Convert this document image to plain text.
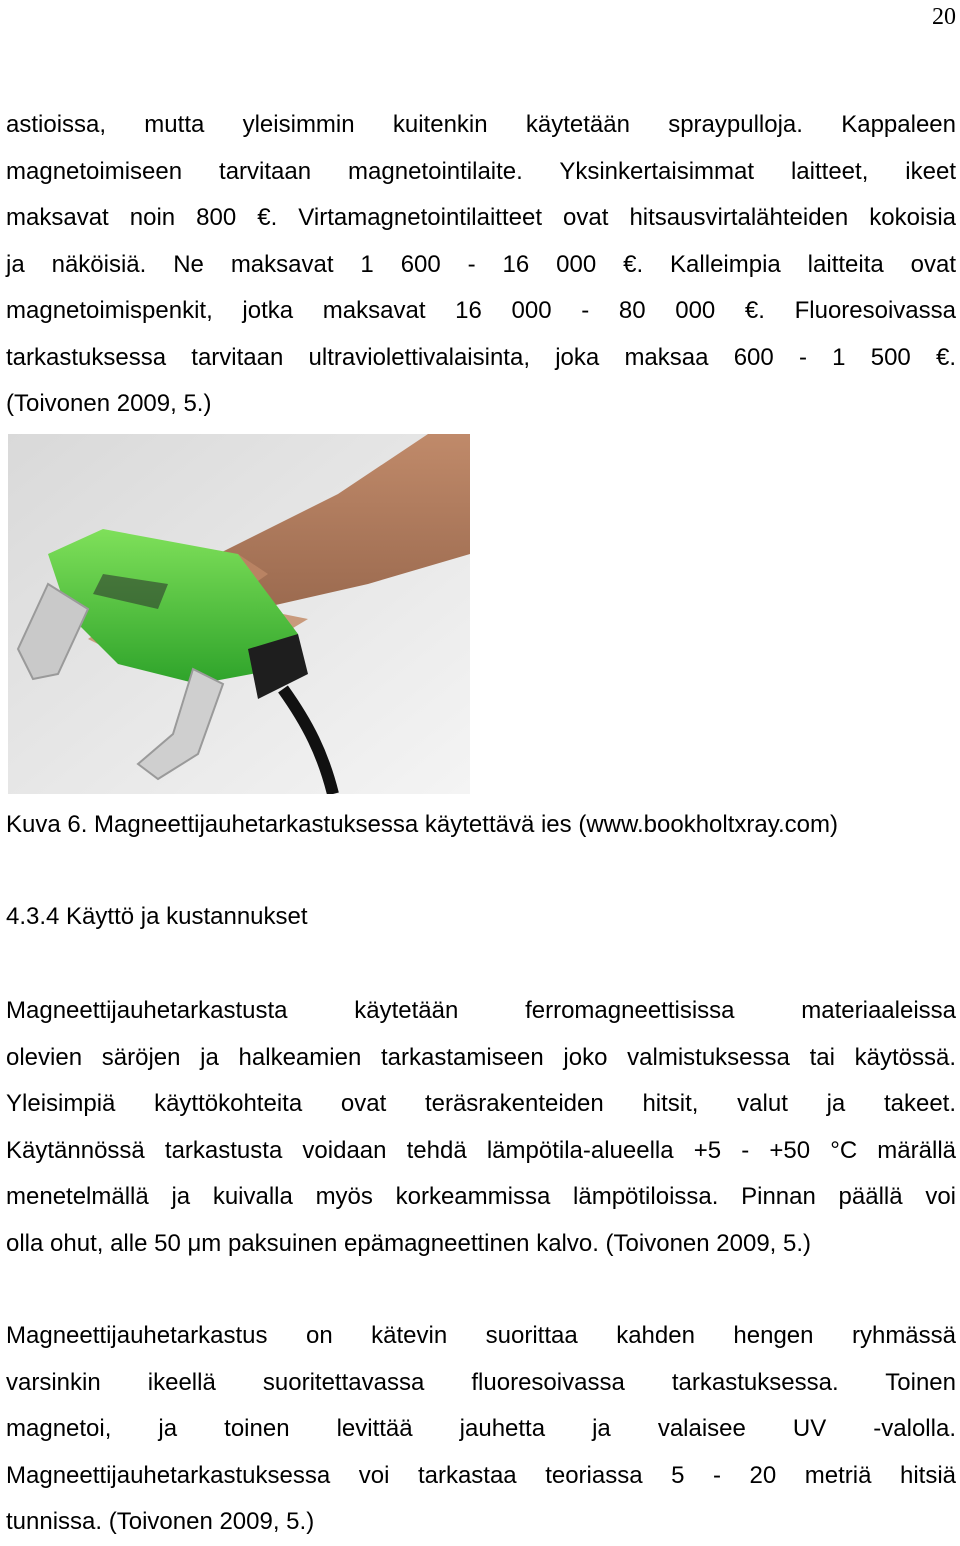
20
astioissa, mutta yleisimmin kuitenkin käytetään spraypulloja. Kappaleen
magnetoimiseen tarvitaan magnetointilaite. Yksinkertaisimmat laitteet, ikeet
maksavat noin 800 €. Virtamagnetointilaitteet ovat hitsausvirtalähteiden kokoisia
ja näköisiä. Ne maksavat 1 600 - 16 000 €. Kalleimpia laitteita ovat
magnetoimispenkit, jotka maksavat 16 000 - 80 000 €. Fluoresoivassa
tarkastuksessa tarvitaan ultraviolettivalaisinta, joka maksaa 600 - 1 500 €.
(Toivonen 2009, 5.)

Kuva 6. Magneettijauhetarkastuksessa käytettävä ies (www.bookholtxray.com)

4.3.4 Käyttö ja kustannukset
Magneettijauhetarkastusta käytetään ferromagneettisissa materiaaleissa
olevien säröjen ja halkeamien tarkastamiseen joko valmistuksessa tai käytössä.
Yleisimpiä käyttökohteita ovat teräsrakenteiden hitsit, valut ja takeet.
Käytännössä tarkastusta voidaan tehdä lämpötila-alueella +5 - +50 °C märällä
menetelmällä ja kuivalla myös korkeammissa lämpötiloissa. Pinnan päällä voi
olla ohut, alle 50 μm paksuinen epämagneettinen kalvo. (Toivonen 2009, 5.)
Magneettijauhetarkastus on kätevin suorittaa kahden hengen ryhmässä
varsinkin ikeellä suoritettavassa fluoresoivassa tarkastuksessa. Toinen
magnetoi, ja toinen levittää jauhetta ja valaisee UV -valolla.
Magneettijauhetarkastuksessa voi tarkastaa teoriassa 5 - 20 metriä hitsiä
tunnissa. (Toivonen 2009, 5.)
